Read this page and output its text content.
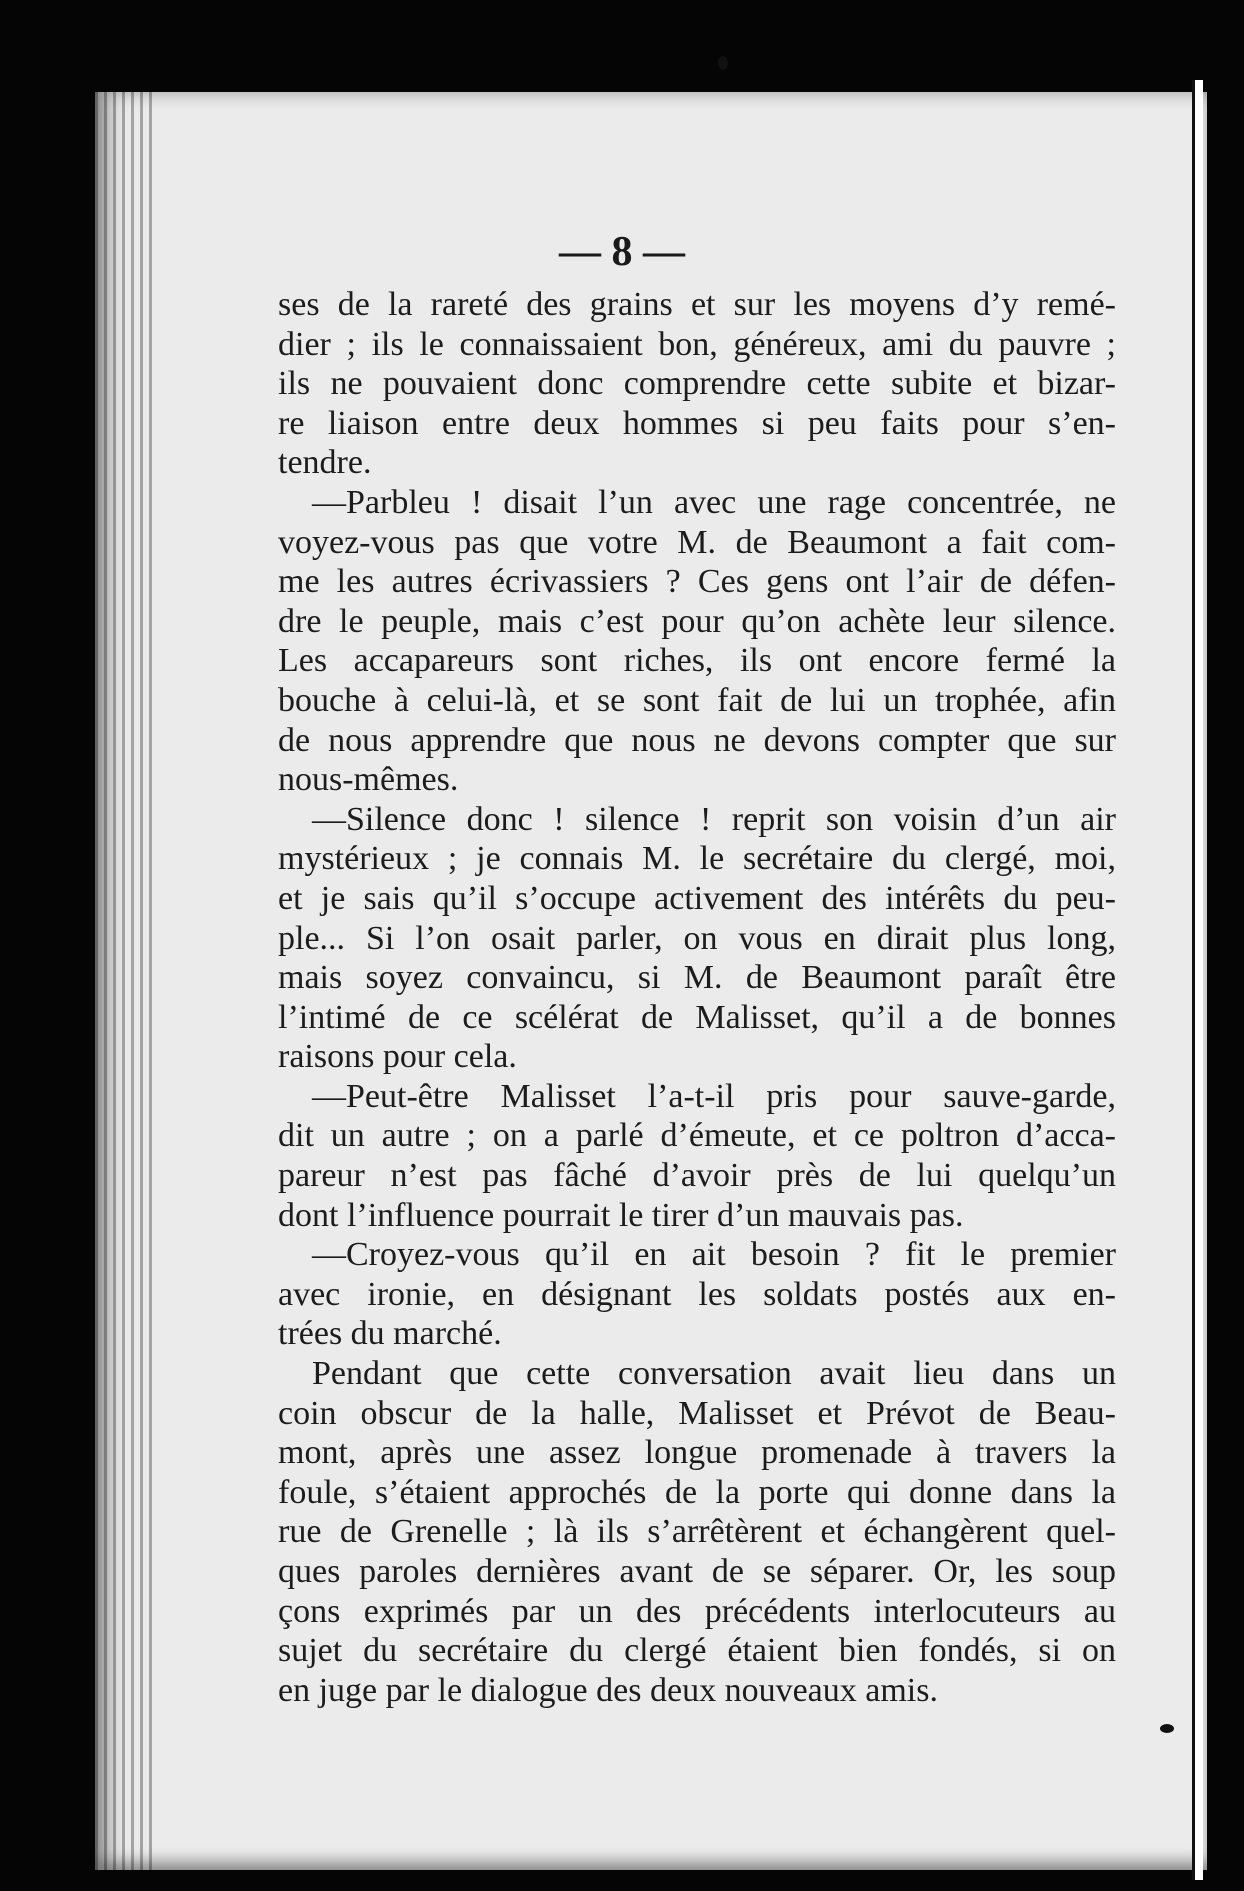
— 8 —
ses de la rareté des grains et sur les moyens d’y remé-
dier ; ils le connaissaient bon, généreux, ami du pauvre ;
ils ne pouvaient donc comprendre cette subite et bizar-
re liaison entre deux hommes si peu faits pour s’en-
tendre.
—Parbleu ! disait l’un avec une rage concentrée, ne
voyez-vous pas que votre M. de Beaumont a fait com-
me les autres écrivassiers ? Ces gens ont l’air de défen-
dre le peuple, mais c’est pour qu’on achète leur silence.
Les accapareurs sont riches, ils ont encore fermé la
bouche à celui-là, et se sont fait de lui un trophée, afin
de nous apprendre que nous ne devons compter que sur
nous-mêmes.
—Silence donc ! silence ! reprit son voisin d’un air
mystérieux ; je connais M. le secrétaire du clergé, moi,
et je sais qu’il s’occupe activement des intérêts du peu-
ple... Si l’on osait parler, on vous en dirait plus long,
mais soyez convaincu, si M. de Beaumont paraît être
l’intimé de ce scélérat de Malisset, qu’il a de bonnes
raisons pour cela.
—Peut-être Malisset l’a-t-il pris pour sauve-garde,
dit un autre ; on a parlé d’émeute, et ce poltron d’acca-
pareur n’est pas fâché d’avoir près de lui quelqu’un
dont l’influence pourrait le tirer d’un mauvais pas.
—Croyez-vous qu’il en ait besoin ? fit le premier
avec ironie, en désignant les soldats postés aux en-
trées du marché.
Pendant que cette conversation avait lieu dans un
coin obscur de la halle, Malisset et Prévot de Beau-
mont, après une assez longue promenade à travers la
foule, s’étaient approchés de la porte qui donne dans la
rue de Grenelle ; là ils s’arrêtèrent et échangèrent quel-
ques paroles dernières avant de se séparer. Or, les soup
çons exprimés par un des précédents interlocuteurs au
sujet du secrétaire du clergé étaient bien fondés, si on
en juge par le dialogue des deux nouveaux amis.
